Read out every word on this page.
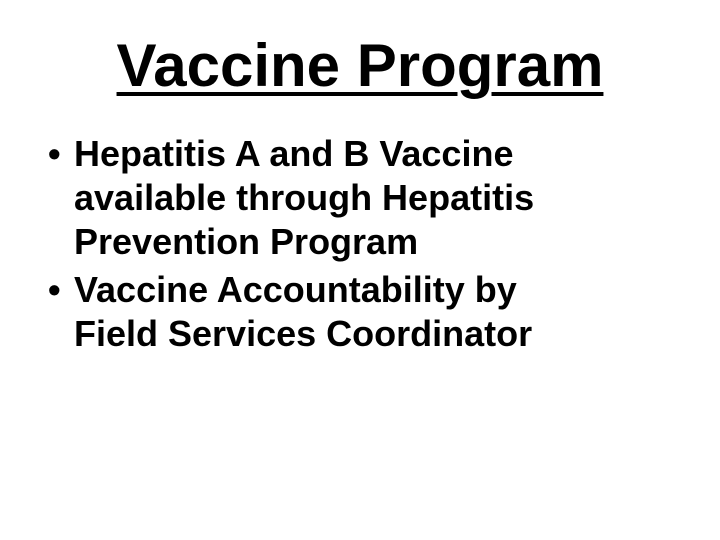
Vaccine Program
• Hepatitis A and B Vaccine
available through Hepatitis
Prevention Program
• Vaccine Accountability by
Field Services Coordinator
